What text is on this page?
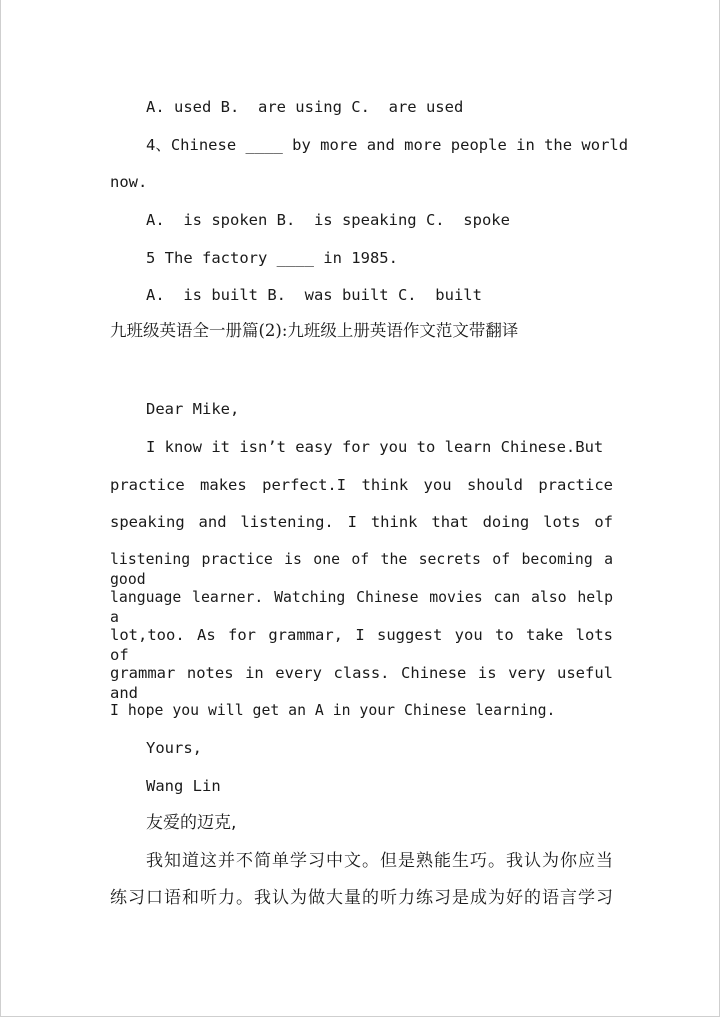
A. used B.  are using C.  are used

4、Chinese ____ by more and more people in the world

now.

A.  is spoken B.  is speaking C.  spoke

5 The factory ____ in 1985.

A.  is built B.  was built C.  built

九班级英语全一册篇(2):九班级上册英语作文范文带翻译

Dear Mike,

I know it isn’t easy for you to learn Chinese.But

practice makes perfect.I think you should practice

speaking and listening. I think that doing lots of

listening practice is one of the secrets of becoming a good

language learner. Watching Chinese movies can also help a

lot,too. As for grammar, I suggest you to take lots of

grammar notes in every class. Chinese is very useful and

I hope you will get an A in your Chinese learning.

Yours,

Wang Lin

友爱的迈克,

我知道这并不简单学习中文。但是熟能生巧。我认为你应当

练习口语和听力。我认为做大量的听力练习是成为好的语言学习
